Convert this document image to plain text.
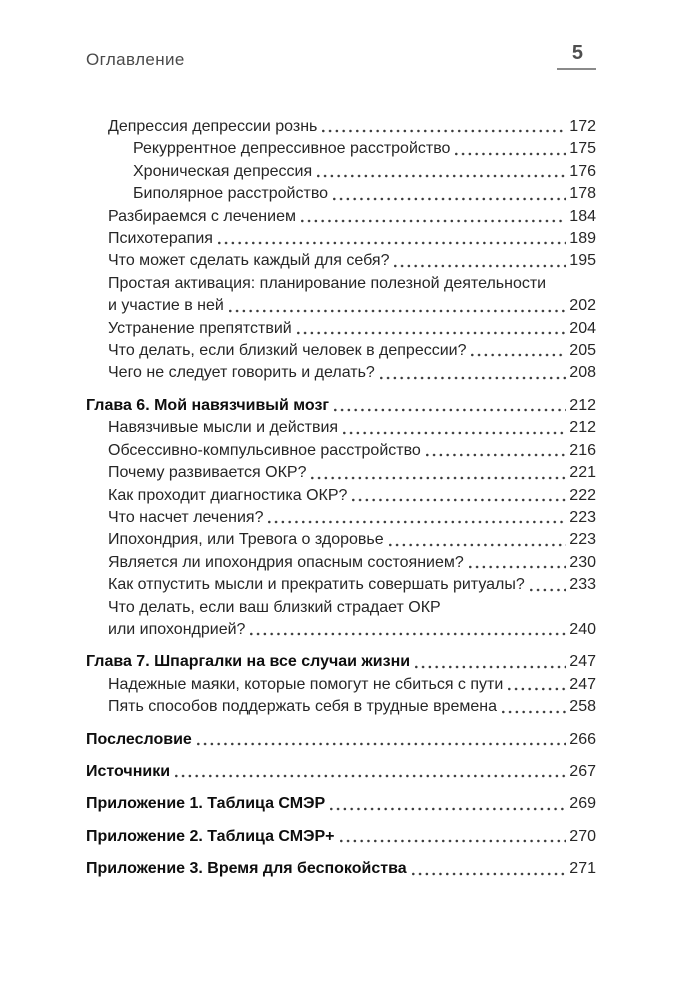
Оглавление	5
Депрессия депрессии рознь	172
Рекуррентное депрессивное расстройство	175
Хроническая депрессия	176
Биполярное расстройство	178
Разбираемся с лечением	184
Психотерапия	189
Что может сделать каждый для себя?	195
Простая активация: планирование полезной деятельности
и участие в ней	202
Устранение препятствий	204
Что делать, если близкий человек в депрессии?	205
Чего не следует говорить и делать?	208
Глава 6. Мой навязчивый мозг	212
Навязчивые мысли и действия	212
Обсессивно-компульсивное расстройство	216
Почему развивается ОКР?	221
Как проходит диагностика ОКР?	222
Что насчет лечения?	223
Ипохондрия, или Тревога о здоровье	223
Является ли ипохондрия опасным состоянием?	230
Как отпустить мысли и прекратить совершать ритуалы?	233
Что делать, если ваш близкий страдает ОКР
или ипохондрией?	240
Глава 7. Шпаргалки на все случаи жизни	247
Надежные маяки, которые помогут не сбиться с пути	247
Пять способов поддержать себя в трудные времена	258
Послесловие	266
Источники	267
Приложение 1. Таблица СМЭР	269
Приложение 2. Таблица СМЭР+	270
Приложение 3. Время для беспокойства	271
